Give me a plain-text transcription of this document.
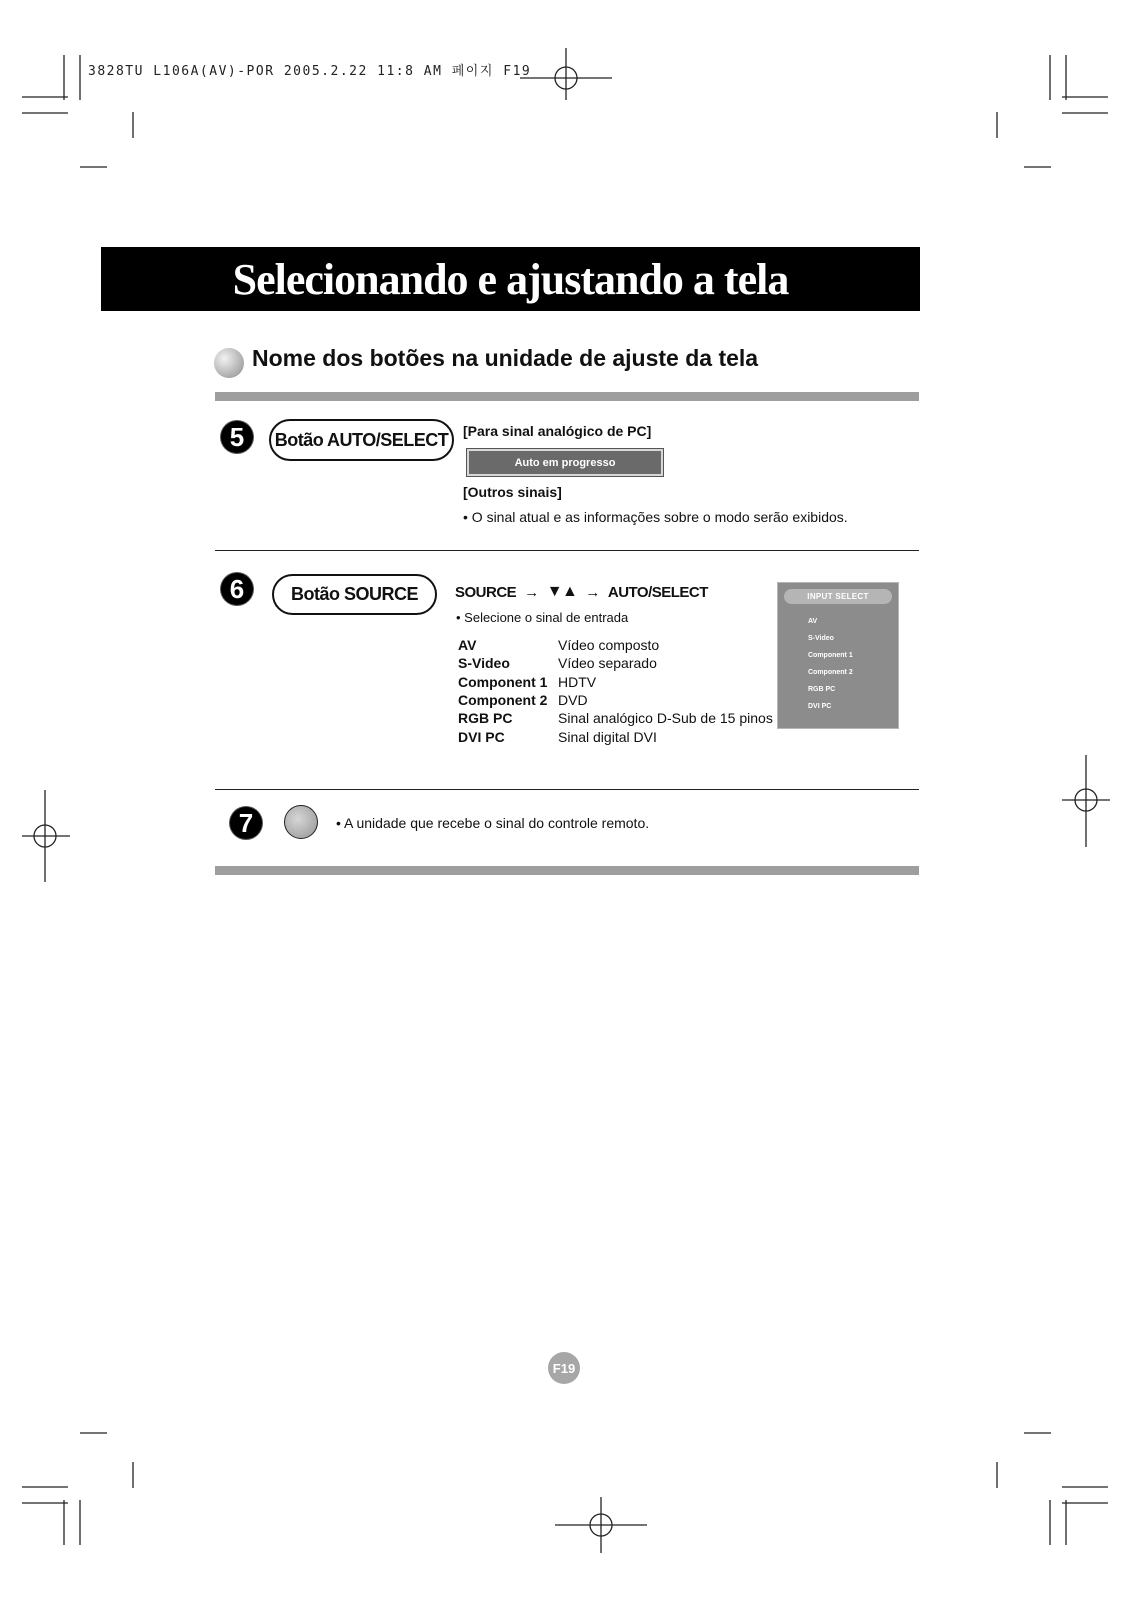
3828TU L106A(AV)-POR 2005.2.22 11:8 AM 페이지 F19
Selecionando e ajustando a tela
Nome dos botões na unidade de ajuste da tela
5	Botão AUTO/SELECT	[Para sinal analógico de PC]
Auto em progresso
[Outros sinais]
• O sinal atual e as informações sobre o modo serão exibidos.
6	Botão SOURCE	SOURCE → ▼▲ → AUTO/SELECT
• Selecione o sinal de entrada
AV	Vídeo composto
S-Video	Vídeo separado
Component 1	HDTV
Component 2	DVD
RGB PC	Sinal analógico D-Sub de 15 pinos
DVI PC	Sinal digital DVI
INPUT SELECT
AV
S-Video
Component 1
Component 2
RGB PC
DVI PC
7	• A unidade que recebe o sinal do controle remoto.
F19
